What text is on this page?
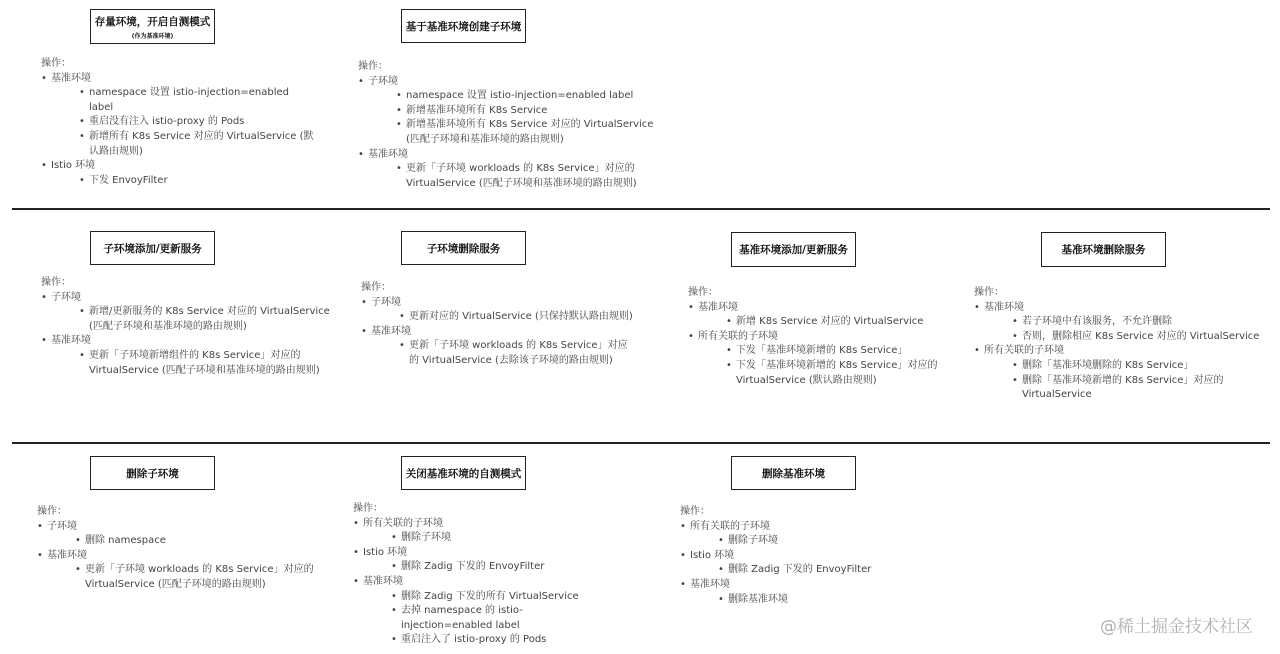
存量环境，开启自测模式
(作为基准环境)
操作：
• 基准环境
• namespace 设置 istio-injection=enabled label
• 重启没有注入 istio-proxy 的 Pods
• 新增所有 K8s Service 对应的 VirtualService (默认路由规则)
• Istio 环境
• 下发 EnvoyFilter
基于基准环境创建子环境
操作：
• 子环境
• namespace 设置 istio-injection=enabled label
• 新增基准环境所有 K8s Service
• 新增基准环境所有 K8s Service 对应的 VirtualService (匹配子环境和基准环境的路由规则)
• 基准环境
• 更新「子环境 workloads 的 K8s Service」对应的 VirtualService (匹配子环境和基准环境的路由规则)
子环境添加/更新服务
操作：
• 子环境
• 新增/更新服务的 K8s Service 对应的 VirtualService (匹配子环境和基准环境的路由规则)
• 基准环境
• 更新「子环境新增组件的 K8s Service」对应的 VirtualService (匹配子环境和基准环境的路由规则)
子环境删除服务
操作：
• 子环境
• 更新对应的 VirtualService (只保持默认路由规则)
• 基准环境
• 更新「子环境 workloads 的 K8s Service」对应的 VirtualService (去除该子环境的路由规则)
基准环境添加/更新服务
操作：
• 基准环境
• 新增 K8s Service 对应的 VirtualService
• 所有关联的子环境
• 下发「基准环境新增的 K8s Service」
• 下发「基准环境新增的 K8s Service」对应的 VirtualService (默认路由规则)
基准环境删除服务
操作：
• 基准环境
• 若子环境中有该服务，不允许删除
• 否则，删除相应 K8s Service 对应的 VirtualService
• 所有关联的子环境
• 删除「基准环境删除的 K8s Service」
• 删除「基准环境新增的 K8s Service」对应的 VirtualService
删除子环境
操作：
• 子环境
• 删除 namespace
• 基准环境
• 更新「子环境 workloads 的 K8s Service」对应的 VirtualService (匹配子环境的路由规则)
关闭基准环境的自测模式
操作：
• 所有关联的子环境
• 删除子环境
• Istio 环境
• 删除 Zadig 下发的 EnvoyFilter
• 基准环境
• 删除 Zadig 下发的所有 VirtualService
• 去掉 namespace 的 istio-injection=enabled label
• 重启注入了 istio-proxy 的 Pods
删除基准环境
操作：
• 所有关联的子环境
• 删除子环境
• Istio 环境
• 删除 Zadig 下发的 EnvoyFilter
• 基准环境
• 删除基准环境
@稀土掘金技术社区
